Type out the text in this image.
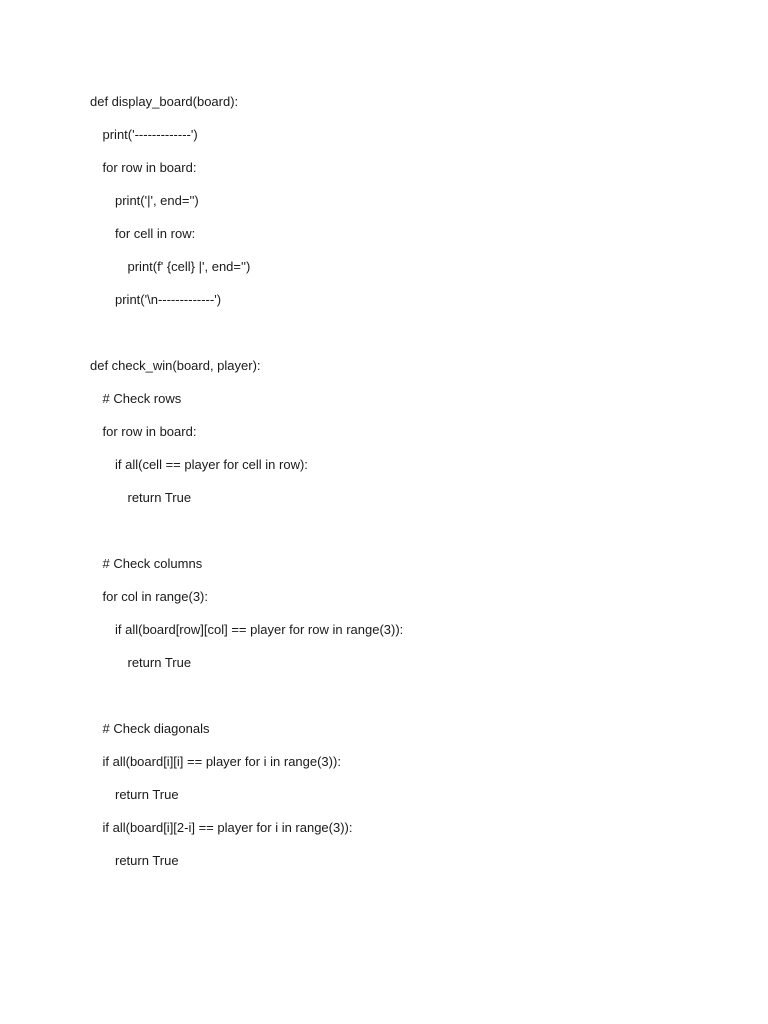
def display_board(board):
print('-------------')
for row in board:
print('|', end='')
for cell in row:
print(f' {cell} |', end='')
print('\n-------------')
def check_win(board, player):
# Check rows
for row in board:
if all(cell == player for cell in row):
return True
# Check columns
for col in range(3):
if all(board[row][col] == player for row in range(3)):
return True
# Check diagonals
if all(board[i][i] == player for i in range(3)):
return True
if all(board[i][2-i] == player for i in range(3)):
return True
